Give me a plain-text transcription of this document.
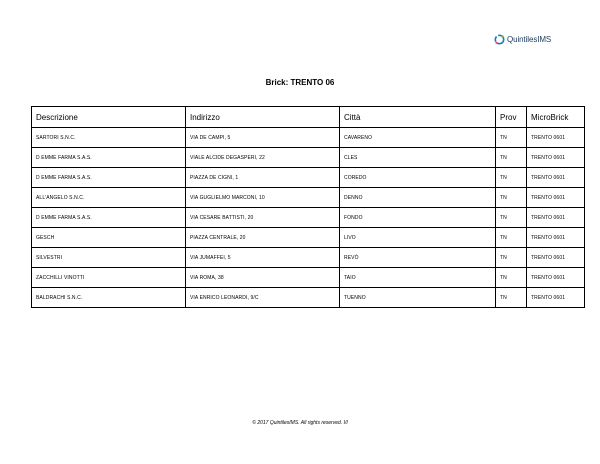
QuintilesIMS
Brick: TRENTO 06
Descrizione	Indirizzo	Città	Prov	MicroBrick
SARTORI S.N.C.	VIA DE CAMPI, 5	CAVARENO	TN	TRENTO 0601
D EMME FARMA S.A.S.	VIALE ALCIDE DEGASPERI, 22	CLES	TN	TRENTO 0601
D EMME FARMA S.A.S.	PIAZZA DE CIGNI, 1	COREDO	TN	TRENTO 0601
ALL'ANGELO S.N.C.	VIA GUGLIELMO MARCONI, 10	DENNO	TN	TRENTO 0601
D EMME FARMA S.A.S.	VIA CESARE BATTISTI, 20	FONDO	TN	TRENTO 0601
GESCH	PIAZZA CENTRALE, 20	LIVO	TN	TRENTO 0601
SILVESTRI	VIA JUMAFFEI, 5	REVÒ	TN	TRENTO 0601
ZACCHILLI VINOTTI	VIA ROMA, 38	TAIO	TN	TRENTO 0601
BALDRACHI S.N.C.	VIA ENRICO LEONARDI, 9/C	TUENNO	TN	TRENTO 0601
© 2017 QuintilesIMS. All rights reserved. I/I
